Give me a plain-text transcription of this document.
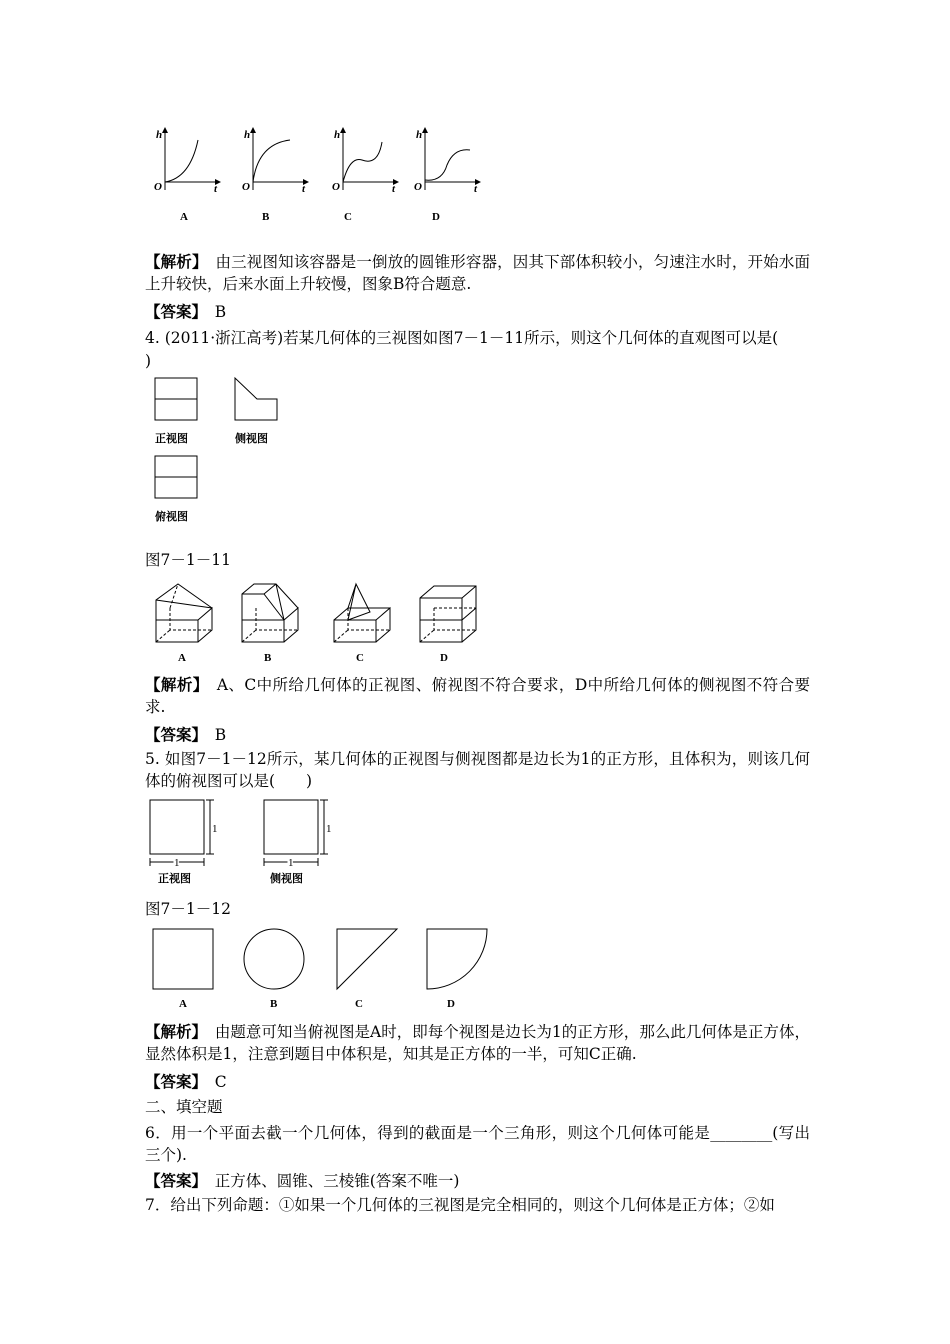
h
O	t
A
h
O	t
B
h
O	t
C
h
O	t
D
【解析】　 由三视图知该容器是一倒放的圆锥形容器，因其下部体积较小，匀速注水时，开始水面上升较快，后来水面上升较慢，图象B符合题意.
【答案】　 B
4. (2011·浙江高考)若某几何体的三视图如图7－1－11所示，则这个几何体的直观图可以是(
)
正视图	侧视图
俯视图
图7－1－11
A	B	C	D
【解析】　 A、C中所给几何体的正视图、俯视图不符合要求，D中所给几何体的侧视图不符合要求.
【答案】　 B
5. 如图7－1－12所示，某几何体的正视图与侧视图都是边长为1的正方形，且体积为，则该几何体的俯视图可以是(　　)
1
1
正视图
1
1
侧视图
图7－1－12
A	B	C	D
【解析】　 由题意可知当俯视图是A时，即每个视图是边长为1的正方形，那么此几何体是正方体，显然体积是1，注意到题目中体积是，知其是正方体的一半，可知C正确.
【答案】　 C
二、填空题
6．用一个平面去截一个几何体，得到的截面是一个三角形，则这个几何体可能是________(写出三个).
【答案】　 正方体、圆锥、三棱锥(答案不唯一)
7．给出下列命题：①如果一个几何体的三视图是完全相同的，则这个几何体是正方体；②如
